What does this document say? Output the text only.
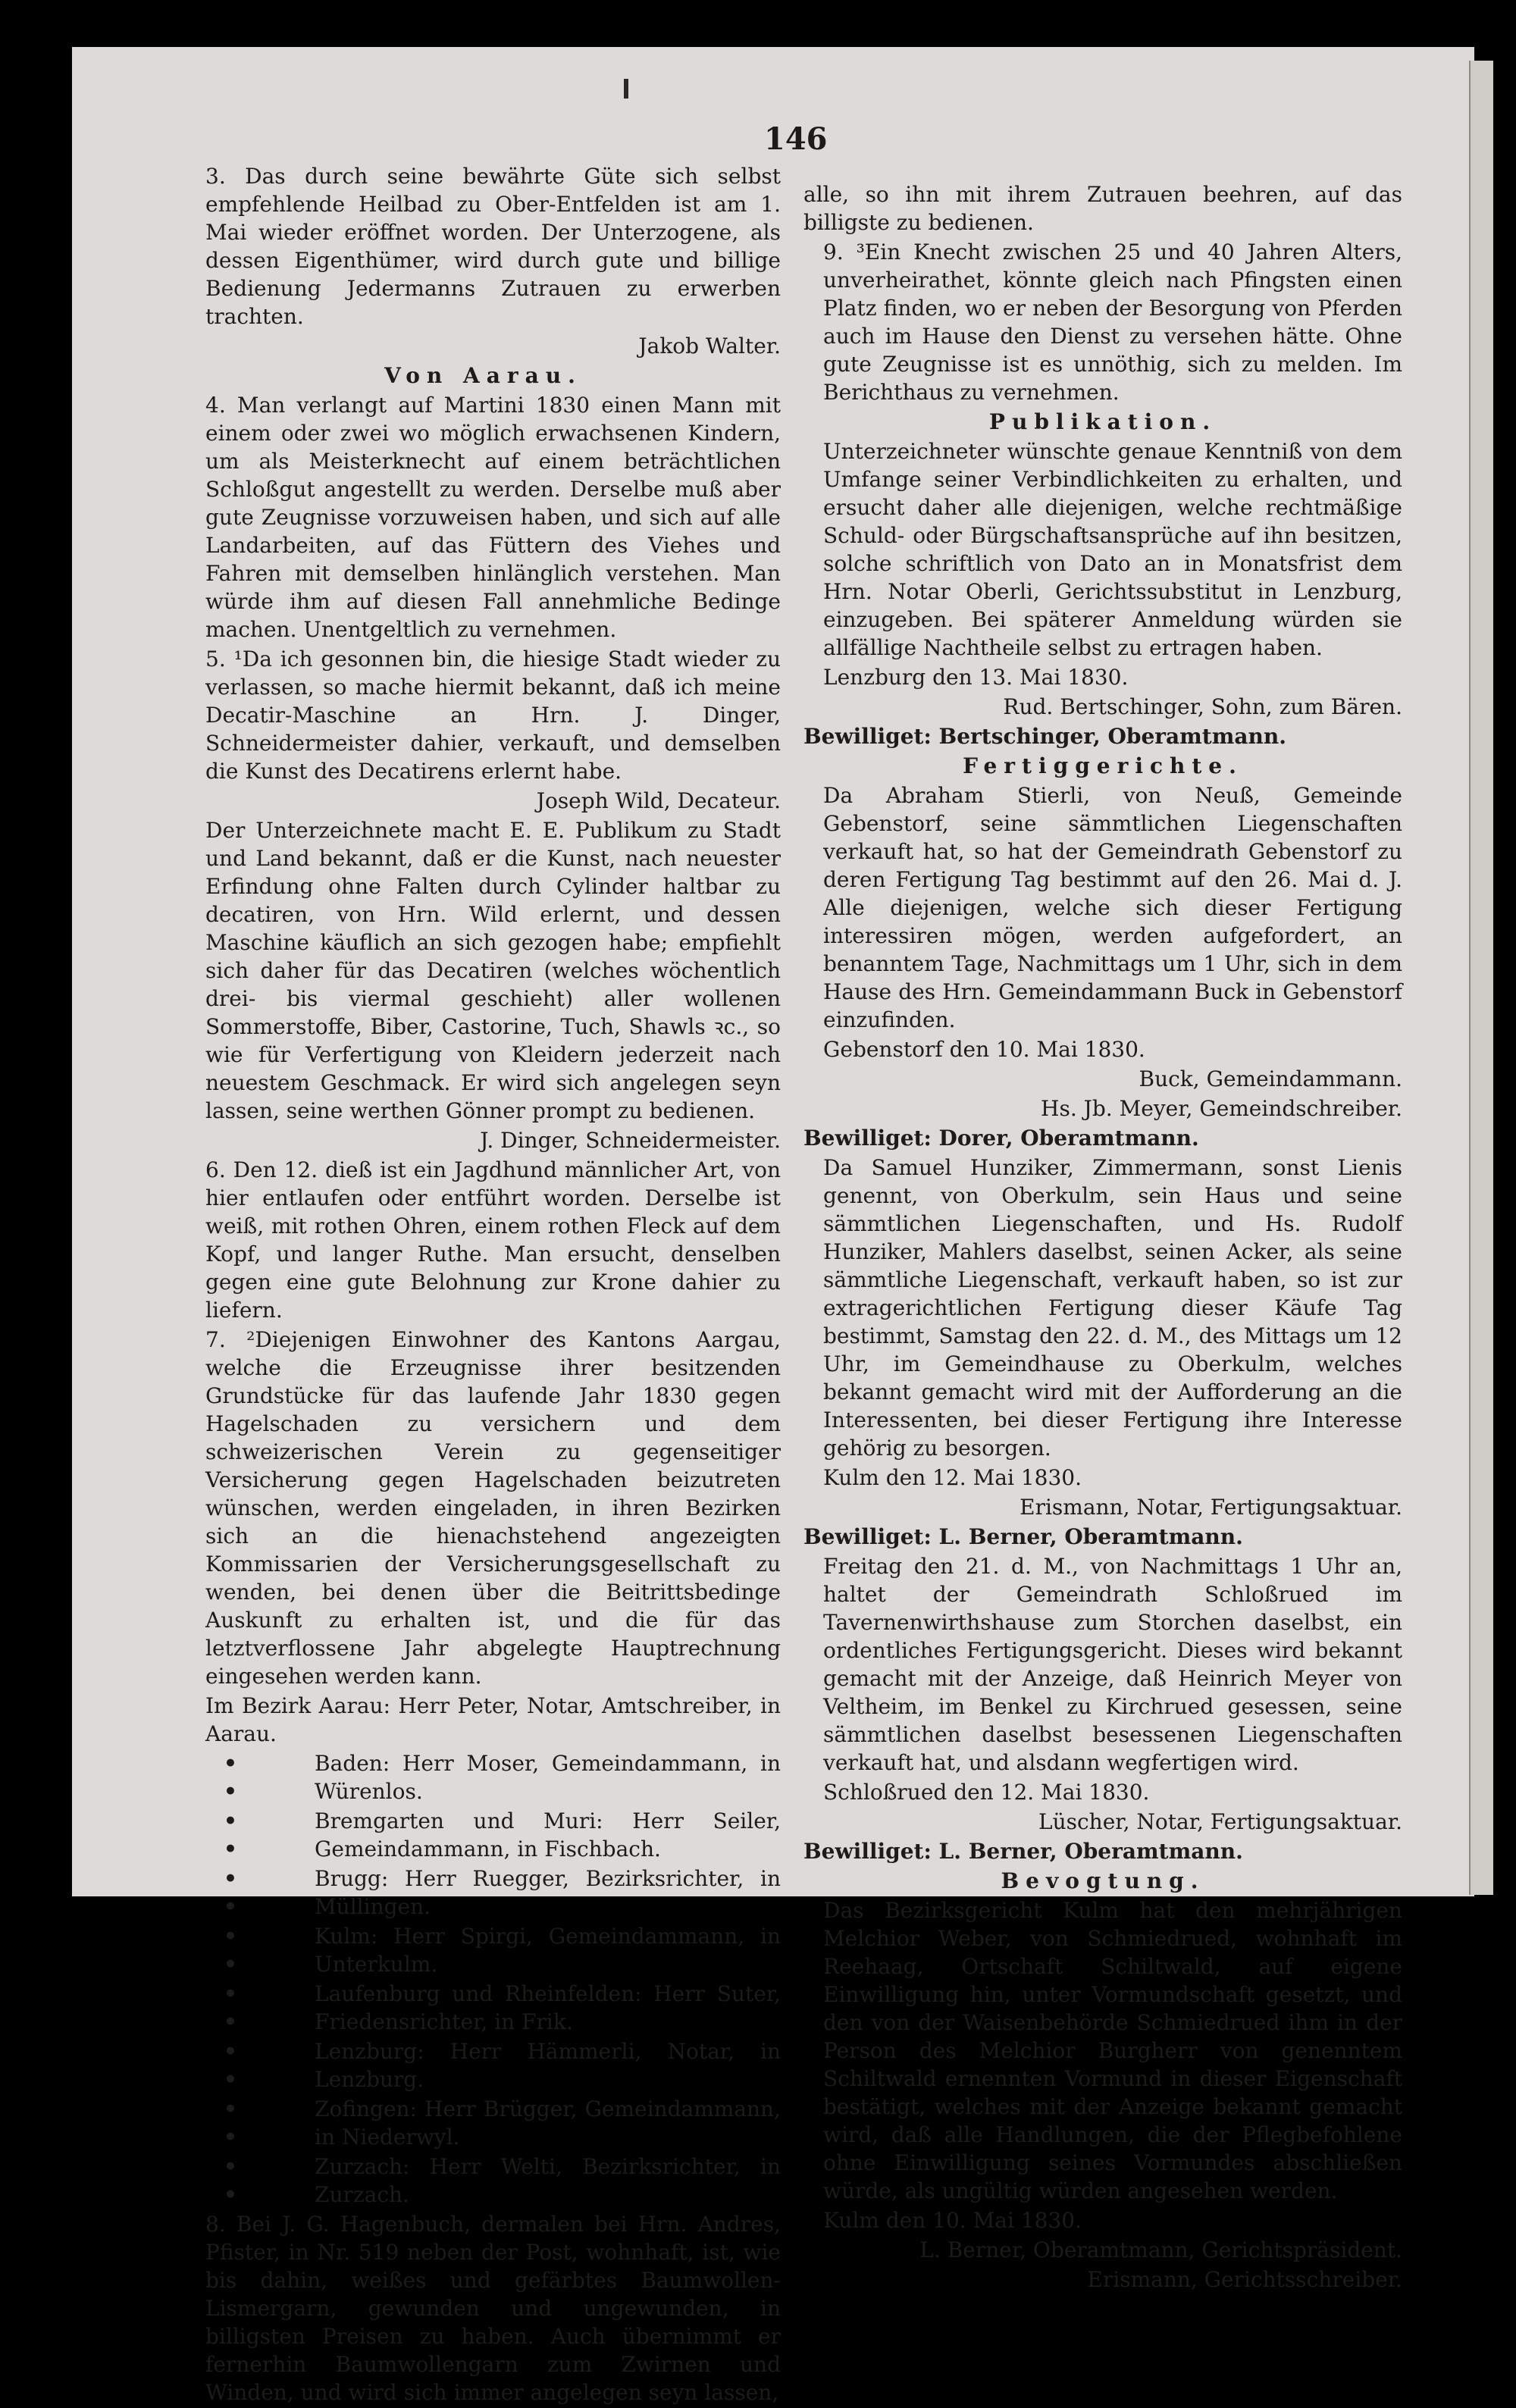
146

3. Das durch seine bewährte Güte sich selbst empfehlende Heilbad zu Ober-Entfelden ist am 1. Mai wieder eröffnet worden. Der Unterzogene, als dessen Eigenthümer, wird durch gute und billige Bedienung Jedermanns Zutrauen zu erwerben trachten.

Jakob Walter.

Von Aarau.

4. Man verlangt auf Martini 1830 einen Mann mit einem oder zwei wo möglich erwachsenen Kindern, um als Meisterknecht auf einem beträchtlichen Schloßgut angestellt zu werden. Derselbe muß aber gute Zeugnisse vorzuweisen haben, und sich auf alle Landarbeiten, auf das Füttern des Viehes und Fahren mit demselben hinlänglich verstehen. Man würde ihm auf diesen Fall annehmliche Bedinge machen. Unentgeltlich zu vernehmen.

5. ¹Da ich gesonnen bin, die hiesige Stadt wieder zu verlassen, so mache hiermit bekannt, daß ich meine Decatir-Maschine an Hrn. J. Dinger, Schneidermeister dahier, verkauft, und demselben die Kunst des Decatirens erlernt habe.

Joseph Wild, Decateur.

Der Unterzeichnete macht E. E. Publikum zu Stadt und Land bekannt, daß er die Kunst, nach neuester Erfindung ohne Falten durch Cylinder haltbar zu decatiren, von Hrn. Wild erlernt, und dessen Maschine käuflich an sich gezogen habe; empfiehlt sich daher für das Decatiren (welches wöchentlich drei- bis viermal geschieht) aller wollenen Sommerstoffe, Biber, Castorine, Tuch, Shawls ꝛc., so wie für Verfertigung von Kleidern jederzeit nach neuestem Geschmack. Er wird sich angelegen seyn lassen, seine werthen Gönner prompt zu bedienen.

J. Dinger, Schneidermeister.

6. Den 12. dieß ist ein Jagdhund männlicher Art, von hier entlaufen oder entführt worden. Derselbe ist weiß, mit rothen Ohren, einem rothen Fleck auf dem Kopf, und langer Ruthe. Man ersucht, denselben gegen eine gute Belohnung zur Krone dahier zu liefern.

7. ²Diejenigen Einwohner des Kantons Aargau, welche die Erzeugnisse ihrer besitzenden Grundstücke für das laufende Jahr 1830 gegen Hagelschaden zu versichern und dem schweizerischen Verein zu gegenseitiger Versicherung gegen Hagelschaden beizutreten wünschen, werden eingeladen, in ihren Bezirken sich an die hienachstehend angezeigten Kommissarien der Versicherungsgesellschaft zu wenden, bei denen über die Beitrittsbedinge Auskunft zu erhalten ist, und die für das letztverflossene Jahr abgelegte Hauptrechnung eingesehen werden kann.

Im Bezirk Aarau: Herr Peter, Notar, Amtschreiber, in Aarau.

• •
Baden: Herr Moser, Gemeindammann, in Würenlos.
• •
Bremgarten und Muri: Herr Seiler, Gemeindammann, in Fischbach.
• •
Brugg: Herr Ruegger, Bezirksrichter, in Müllingen.
• •
Kulm: Herr Spirgi, Gemeindammann, in Unterkulm.
• •
Laufenburg und Rheinfelden: Herr Suter, Friedensrichter, in Frik.
• •
Lenzburg: Herr Hämmerli, Notar, in Lenzburg.
• •
Zofingen: Herr Brügger, Gemeindammann, in Niederwyl.
• •
Zurzach: Herr Welti, Bezirksrichter, in Zurzach.

8. Bei J. G. Hagenbuch, dermalen bei Hrn. Andres, Pfister, in Nr. 519 neben der Post, wohnhaft, ist, wie bis dahin, weißes und gefärbtes Baumwollen-Lismergarn, gewunden und ungewunden, in billigsten Preisen zu haben. Auch übernimmt er fernerhin Baumwollengarn zum Zwirnen und Winden, und wird sich immer angelegen seyn lassen,

alle, so ihn mit ihrem Zutrauen beehren, auf das billigste zu bedienen.

9. ³Ein Knecht zwischen 25 und 40 Jahren Alters, unverheirathet, könnte gleich nach Pfingsten einen Platz finden, wo er neben der Besorgung von Pferden auch im Hause den Dienst zu versehen hätte. Ohne gute Zeugnisse ist es unnöthig, sich zu melden. Im Berichthaus zu vernehmen.

Publikation.

Unterzeichneter wünschte genaue Kenntniß von dem Umfange seiner Verbindlichkeiten zu erhalten, und ersucht daher alle diejenigen, welche rechtmäßige Schuld- oder Bürgschaftsansprüche auf ihn besitzen, solche schriftlich von Dato an in Monatsfrist dem Hrn. Notar Oberli, Gerichtssubstitut in Lenzburg, einzugeben. Bei späterer Anmeldung würden sie allfällige Nachtheile selbst zu ertragen haben.

Lenzburg den 13. Mai 1830.

Rud. Bertschinger, Sohn, zum Bären.

Bewilliget: Bertschinger, Oberamtmann.

Fertiggerichte.

Da Abraham Stierli, von Neuß, Gemeinde Gebenstorf, seine sämmtlichen Liegenschaften verkauft hat, so hat der Gemeindrath Gebenstorf zu deren Fertigung Tag bestimmt auf den 26. Mai d. J. Alle diejenigen, welche sich dieser Fertigung interessiren mögen, werden aufgefordert, an benanntem Tage, Nachmittags um 1 Uhr, sich in dem Hause des Hrn. Gemeindammann Buck in Gebenstorf einzufinden.

Gebenstorf den 10. Mai 1830.

Buck, Gemeindammann.

Hs. Jb. Meyer, Gemeindschreiber.

Bewilliget: Dorer, Oberamtmann.

Da Samuel Hunziker, Zimmermann, sonst Lienis genennt, von Oberkulm, sein Haus und seine sämmtlichen Liegenschaften, und Hs. Rudolf Hunziker, Mahlers daselbst, seinen Acker, als seine sämmtliche Liegenschaft, verkauft haben, so ist zur extragerichtlichen Fertigung dieser Käufe Tag bestimmt, Samstag den 22. d. M., des Mittags um 12 Uhr, im Gemeindhause zu Oberkulm, welches bekannt gemacht wird mit der Aufforderung an die Interessenten, bei dieser Fertigung ihre Interesse gehörig zu besorgen.

Kulm den 12. Mai 1830.

Erismann, Notar, Fertigungsaktuar.

Bewilliget: L. Berner, Oberamtmann.

Freitag den 21. d. M., von Nachmittags 1 Uhr an, haltet der Gemeindrath Schloßrued im Tavernenwirthshause zum Storchen daselbst, ein ordentliches Fertigungsgericht. Dieses wird bekannt gemacht mit der Anzeige, daß Heinrich Meyer von Veltheim, im Benkel zu Kirchrued gesessen, seine sämmtlichen daselbst besessenen Liegenschaften verkauft hat, und alsdann wegfertigen wird.

Schloßrued den 12. Mai 1830.

Lüscher, Notar, Fertigungsaktuar.

Bewilliget: L. Berner, Oberamtmann.

Bevogtung.

Das Bezirksgericht Kulm hat den mehrjährigen Melchior Weber, von Schmiedrued, wohnhaft im Reehaag, Ortschaft Schiltwald, auf eigene Einwilligung hin, unter Vormundschaft gesetzt, und den von der Waisenbehörde Schmiedrued ihm in der Person des Melchior Burgherr von genenntem Schiltwald ernennten Vormund in dieser Eigenschaft bestätigt, welches mit der Anzeige bekannt gemacht wird, daß alle Handlungen, die der Pflegbefohlene ohne Einwilligung seines Vormundes abschließen würde, als ungültig würden angesehen werden.

Kulm den 10. Mai 1830.

L. Berner, Oberamtmann, Gerichtspräsident.

Erismann, Gerichtsschreiber.
